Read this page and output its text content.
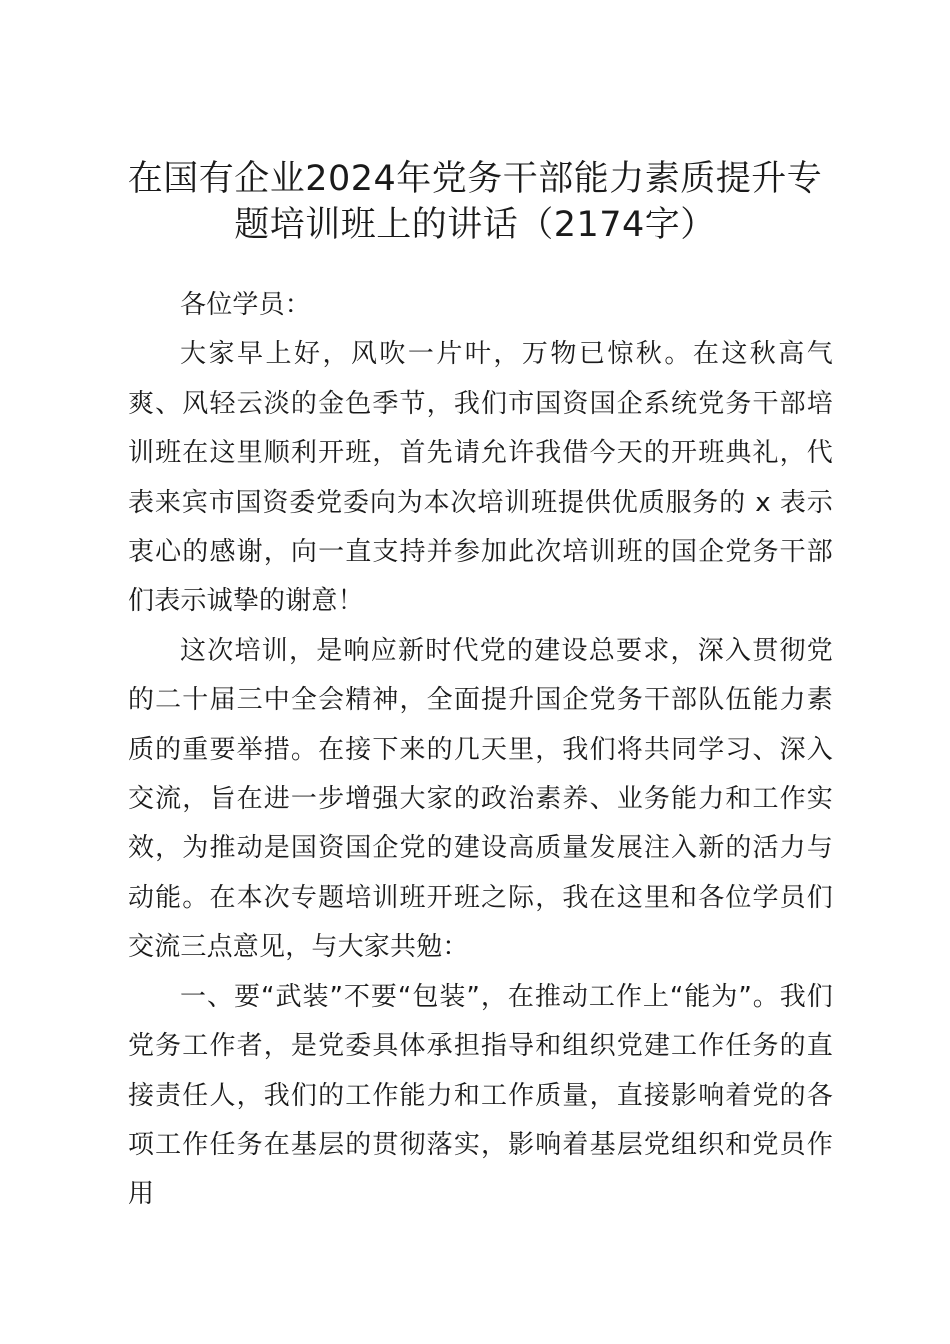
在国有企业2024年党务干部能力素质提升专题培训班上的讲话（2174字）

各位学员：

大家早上好，风吹一片叶，万物已惊秋。在这秋高气爽、风轻云淡的金色季节，我们市国资国企系统党务干部培训班在这里顺利开班，首先请允许我借今天的开班典礼，代表来宾市国资委党委向为本次培训班提供优质服务的 x 表示衷心的感谢，向一直支持并参加此次培训班的国企党务干部们表示诚挚的谢意！

这次培训，是响应新时代党的建设总要求，深入贯彻党的二十届三中全会精神，全面提升国企党务干部队伍能力素质的重要举措。在接下来的几天里，我们将共同学习、深入交流，旨在进一步增强大家的政治素养、业务能力和工作实效，为推动是国资国企党的建设高质量发展注入新的活力与动能。在本次专题培训班开班之际，我在这里和各位学员们交流三点意见，与大家共勉：

一、要“武装”不要“包装”，在推动工作上“能为”。我们党务工作者，是党委具体承担指导和组织党建工作任务的直接责任人，我们的工作能力和工作质量，直接影响着党的各项工作任务在基层的贯彻落实，影响着基层党组织和党员作用
